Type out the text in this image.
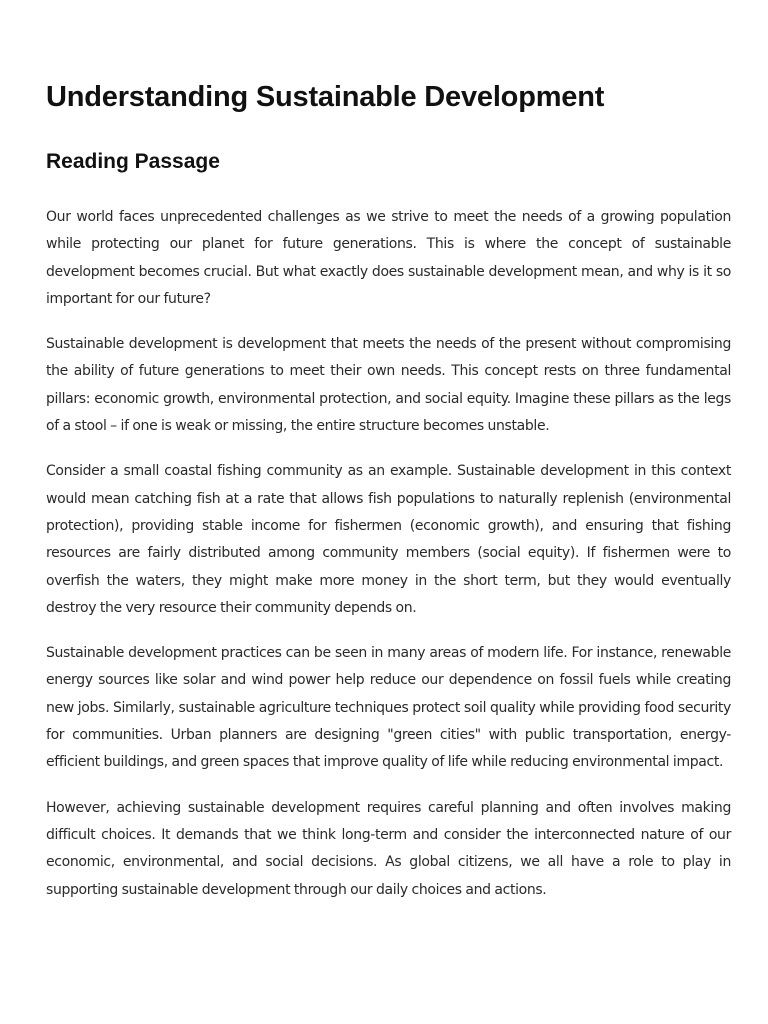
Understanding Sustainable Development
Reading Passage

Our world faces unprecedented challenges as we strive to meet the needs of a growing population while protecting our planet for future generations. This is where the concept of sustainable development becomes crucial. But what exactly does sustainable development mean, and why is it so important for our future?

Sustainable development is development that meets the needs of the present without compromising the ability of future generations to meet their own needs. This concept rests on three fundamental pillars: economic growth, environmental protection, and social equity. Imagine these pillars as the legs of a stool – if one is weak or missing, the entire structure becomes unstable.

Consider a small coastal fishing community as an example. Sustainable development in this context would mean catching fish at a rate that allows fish populations to naturally replenish (environmental protection), providing stable income for fishermen (economic growth), and ensuring that fishing resources are fairly distributed among community members (social equity). If fishermen were to overfish the waters, they might make more money in the short term, but they would eventually destroy the very resource their community depends on.

Sustainable development practices can be seen in many areas of modern life. For instance, renewable energy sources like solar and wind power help reduce our dependence on fossil fuels while creating new jobs. Similarly, sustainable agriculture techniques protect soil quality while providing food security for communities. Urban planners are designing "green cities" with public transportation, energy-efficient buildings, and green spaces that improve quality of life while reducing environmental impact.

However, achieving sustainable development requires careful planning and often involves making difficult choices. It demands that we think long-term and consider the interconnected nature of our economic, environmental, and social decisions. As global citizens, we all have a role to play in supporting sustainable development through our daily choices and actions.
